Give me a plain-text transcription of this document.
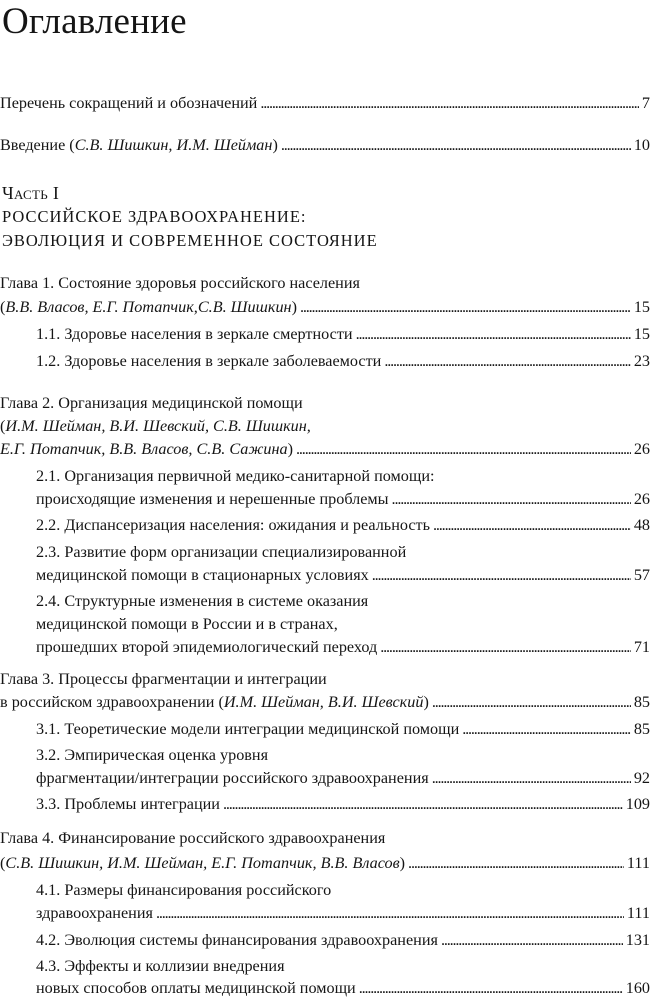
Оглавление
Перечень сокращений и обозначений . . .	7
Введение (С.В. Шишкин, И.М. Шейман) . . .	10
Часть I
РОССИЙСКОЕ ЗДРАВООХРАНЕНИЕ:
ЭВОЛЮЦИЯ И СОВРЕМЕННОЕ СОСТОЯНИЕ
Глава 1. Состояние здоровья российского населения
(В.В. Власов, Е.Г. Потапчик,С.В. Шишкин) . . .	15
1.1. Здоровье населения в зеркале смертности . . .	15
1.2. Здоровье населения в зеркале заболеваемости . . .	23
Глава 2. Организация медицинской помощи
(И.М. Шейман, В.И. Шевский, С.В. Шишкин,
Е.Г. Потапчик, В.В. Власов, С.В. Сажина) . . .	26
2.1. Организация первичной медико-санитарной помощи:
происходящие изменения и нерешенные проблемы . . .	26
2.2. Диспансеризация населения: ожидания и реальность . . .	48
2.3. Развитие форм организации специализированной
медицинской помощи в стационарных условиях . . .	57
2.4. Структурные изменения в системе оказания
медицинской помощи в России и в странах,
прошедших второй эпидемиологический переход . . .	71
Глава 3. Процессы фрагментации и интеграции
в российском здравоохранении (И.М. Шейман, В.И. Шевский) . . .	85
3.1. Теоретические модели интеграции медицинской помощи . . .	85
3.2. Эмпирическая оценка уровня
фрагментации/интеграции российского здравоохранения . . .	92
3.3. Проблемы интеграции . . .	109
Глава 4. Финансирование российского здравоохранения
(С.В. Шишкин, И.М. Шейман, Е.Г. Потапчик, В.В. Власов) . . .	111
4.1. Размеры финансирования российского
здравоохранения . . .	111
4.2. Эволюция системы финансирования здравоохранения . . .	131
4.3. Эффекты и коллизии внедрения
новых способов оплаты медицинской помощи . . .	160
